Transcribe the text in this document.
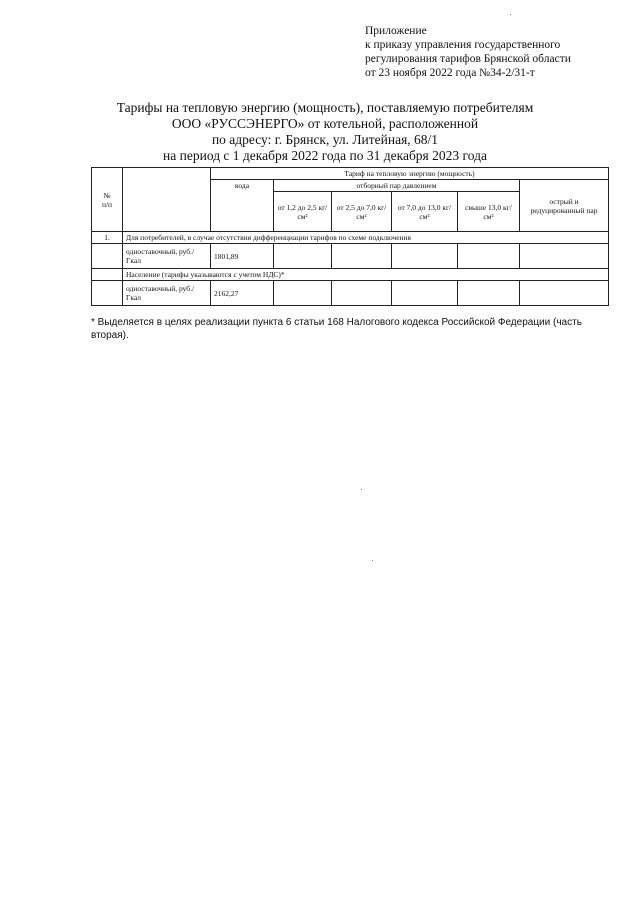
Приложение
к приказу управления государственного
регулирования тарифов Брянской области
от 23 ноября 2022 года №34-2/31-т
Тарифы на тепловую энергию (мощность), поставляемую потребителям
ООО «РУССЭНЕРГО» от котельной, расположенной
по адресу: г. Брянск, ул. Литейная, 68/1
на период с 1 декабря 2022 года по 31 декабря 2023 года
№
п/п		Тариф на тепловую энергию (мощность)					
		вода	отборный пар давлением				острый и редуцированный пар
			от 1,2 до 2,5 кг/см²	от 2,5 до 7,0 кг/см²	от 7,0 до 13,0 кг/см²	свыше 13,0 кг/см²	
1.	Для потребителей, в случае отсутствия дифференциации тарифов по схеме подключения						
	одноставочный, руб./Гкал	1801,89					
	Население (тарифы указываются с учетом НДС)*						
	одноставочный, руб./Гкал	2162,27					
* Выделяется в целях реализации пункта 6 статьи 168 Налогового кодекса Российской Федерации (часть вторая).
